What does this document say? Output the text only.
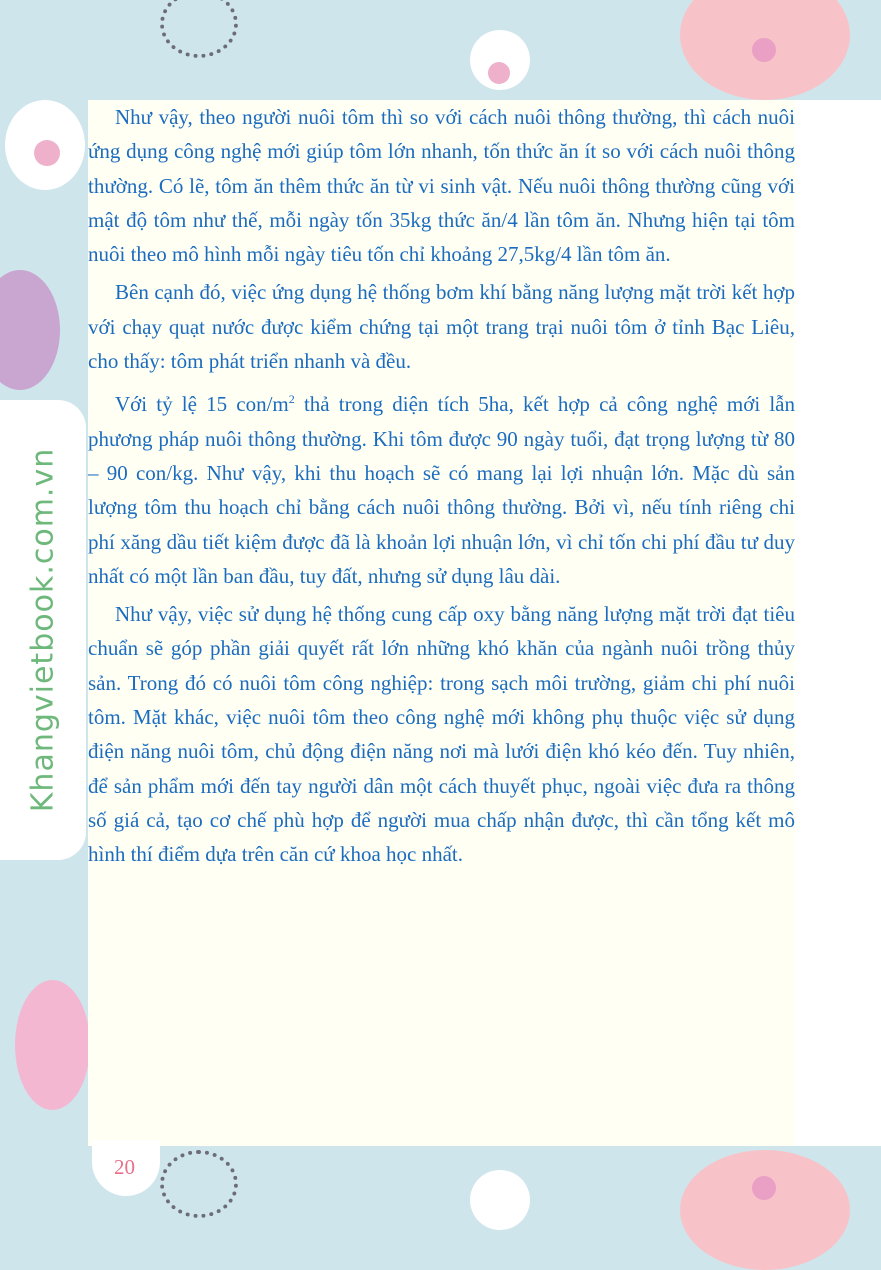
Như vậy, theo người nuôi tôm thì so với cách nuôi thông thường, thì cách nuôi ứng dụng công nghệ mới giúp tôm lớn nhanh, tốn thức ăn ít so với cách nuôi thông thường. Có lẽ, tôm ăn thêm thức ăn từ vi sinh vật. Nếu nuôi thông thường cũng với mật độ tôm như thế, mỗi ngày tốn 35kg thức ăn/4 lần tôm ăn. Nhưng hiện tại tôm nuôi theo mô hình mỗi ngày tiêu tốn chỉ khoảng 27,5kg/4 lần tôm ăn.

Bên cạnh đó, việc ứng dụng hệ thống bơm khí bằng năng lượng mặt trời kết hợp với chạy quạt nước được kiểm chứng tại một trang trại nuôi tôm ở tỉnh Bạc Liêu, cho thấy: tôm phát triển nhanh và đều.

Với tỷ lệ 15 con/$m^2$ thả trong diện tích 5ha, kết hợp cả công nghệ mới lẫn phương pháp nuôi thông thường. Khi tôm được 90 ngày tuổi, đạt trọng lượng từ 80 – 90 con/kg. Như vậy, khi thu hoạch sẽ có mang lại lợi nhuận lớn. Mặc dù sản lượng tôm thu hoạch chỉ bằng cách nuôi thông thường. Bởi vì, nếu tính riêng chi phí xăng dầu tiết kiệm được đã là khoản lợi nhuận lớn, vì chỉ tốn chi phí đầu tư duy nhất có một lần ban đầu, tuy đất, nhưng sử dụng lâu dài.

Như vậy, việc sử dụng hệ thống cung cấp oxy bằng năng lượng mặt trời đạt tiêu chuẩn sẽ góp phần giải quyết rất lớn những khó khăn của ngành nuôi trồng thủy sản. Trong đó có nuôi tôm công nghiệp: trong sạch môi trường, giảm chi phí nuôi tôm. Mặt khác, việc nuôi tôm theo công nghệ mới không phụ thuộc việc sử dụng điện năng nuôi tôm, chủ động điện năng nơi mà lưới điện khó kéo đến. Tuy nhiên, để sản phẩm mới đến tay người dân một cách thuyết phục, ngoài việc đưa ra thông số giá cả, tạo cơ chế phù hợp để người mua chấp nhận được, thì cần tổng kết mô hình thí điểm dựa trên căn cứ khoa học nhất.

Khangvietbook.com.vn
20
